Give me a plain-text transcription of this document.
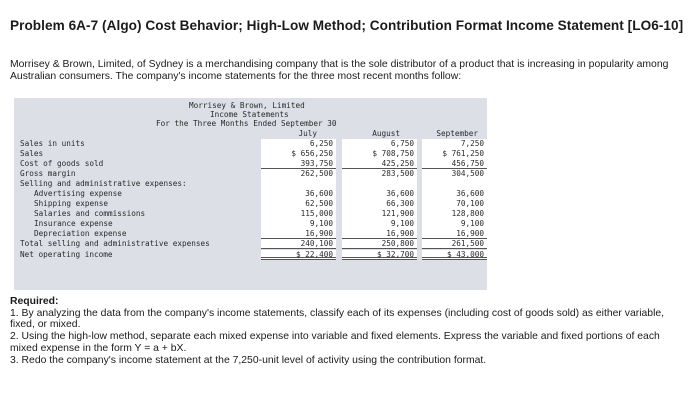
Problem 6A-7 (Algo) Cost Behavior; High-Low Method; Contribution Format Income Statement [LO6-10]
Morrisey & Brown, Limited, of Sydney is a merchandising company that is the sole distributor of a product that is increasing in popularity among Australian consumers. The company's income statements for the three most recent months follow:
Morrisey & Brown, Limited
Income Statements
For the Three Months Ended September 30
July	August	September
Sales in units	6,250	6,750	7,250
Sales	$ 656,250	$ 708,750	$ 761,250
Cost of goods sold	393,750	425,250	456,750
Gross margin	262,500	283,500	304,500
Selling and administrative expenses:
Advertising expense	36,600	36,600	36,600
Shipping expense	62,500	66,300	70,100
Salaries and commissions	115,000	121,900	128,800
Insurance expense	9,100	9,100	9,100
Depreciation expense	16,900	16,900	16,900
Total selling and administrative expenses	240,100	250,800	261,500
Net operating income	$ 22,400	$ 32,700	$ 43,000
Required:
1. By analyzing the data from the company's income statements, classify each of its expenses (including cost of goods sold) as either variable, fixed, or mixed.
2. Using the high-low method, separate each mixed expense into variable and fixed elements. Express the variable and fixed portions of each mixed expense in the form Y = a + bX.
3. Redo the company's income statement at the 7,250-unit level of activity using the contribution format.
